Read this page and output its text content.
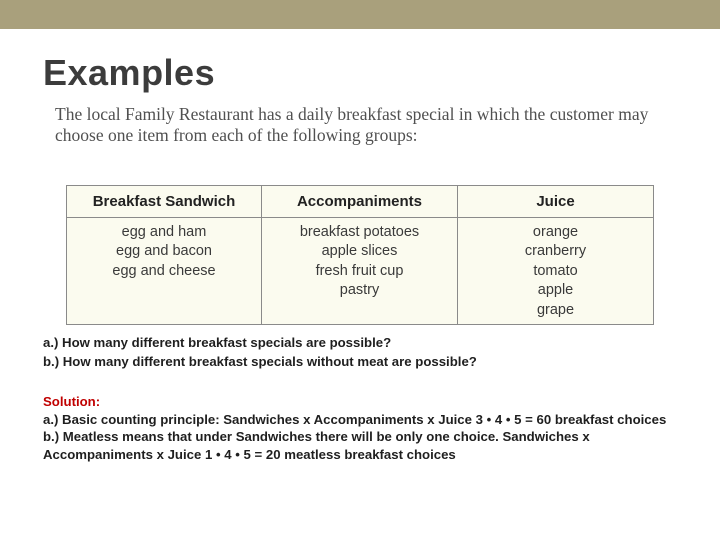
Examples
The local Family Restaurant has a daily breakfast special in which the customer may choose one item from each of the following groups:
Breakfast Sandwich
egg and ham
egg and bacon
egg and cheese
Accompaniments
breakfast potatoes
apple slices
fresh fruit cup
pastry
Juice
orange
cranberry
tomato
apple
grape
a.) How many different breakfast specials are possible?
b.) How many different breakfast specials without meat are possible?

Solution:

a.) Basic counting principle: Sandwiches x Accompaniments x Juice 3 • 4 • 5 = 60 breakfast choices

b.) Meatless means that under Sandwiches there will be only one choice. Sandwiches x Accompaniments x Juice 1 • 4 • 5 = 20 meatless breakfast choices
